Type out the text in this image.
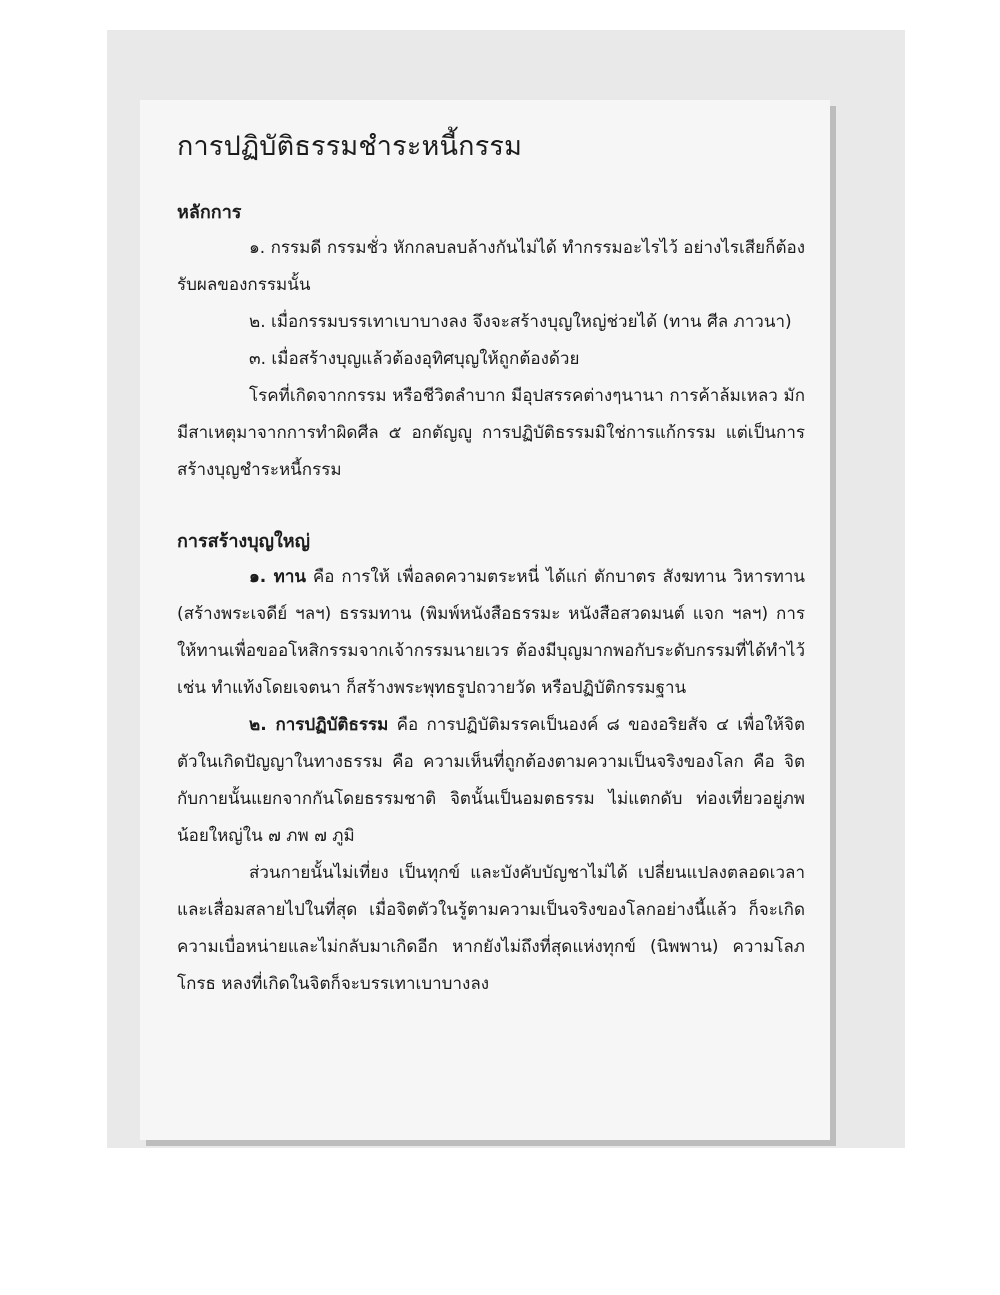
การปฏิบัติธรรมชำระหนี้กรรม
หลักการ

๑. กรรมดี กรรมชั่ว หักกลบลบล้างกันไม่ได้ ทำกรรมอะไรไว้ อย่างไรเสียก็ต้องรับผลของกรรมนั้น

๒. เมื่อกรรมบรรเทาเบาบางลง จึงจะสร้างบุญใหญ่ช่วยได้ (ทาน ศีล ภาวนา)

๓. เมื่อสร้างบุญแล้วต้องอุทิศบุญให้ถูกต้องด้วย

โรคที่เกิดจากกรรม หรือชีวิตลำบาก มีอุปสรรคต่างๆนานา การค้าล้มเหลว มักมีสาเหตุมาจากการทำผิดศีล ๕ อกตัญญู การปฏิบัติธรรมมิใช่การแก้กรรม แต่เป็นการสร้างบุญชำระหนี้กรรม

การสร้างบุญใหญ่

๑. ทาน คือ การให้ เพื่อลดความตระหนี่ ได้แก่ ตักบาตร สังฆทาน วิหารทาน (สร้างพระเจดีย์ ฯลฯ) ธรรมทาน (พิมพ์หนังสือธรรมะ หนังสือสวดมนต์ แจก ฯลฯ) การให้ทานเพื่อขออโหสิกรรมจากเจ้ากรรมนายเวร ต้องมีบุญมากพอกับระดับกรรมที่ได้ทำไว้ เช่น ทำแท้งโดยเจตนา ก็สร้างพระพุทธรูปถวายวัด หรือปฏิบัติกรรมฐาน

๒. การปฏิบัติธรรม คือ การปฏิบัติมรรคเป็นองค์ ๘ ของอริยสัจ ๔ เพื่อให้จิตตัวในเกิดปัญญาในทางธรรม คือ ความเห็นที่ถูกต้องตามความเป็นจริงของโลก คือ จิตกับกายนั้นแยกจากกันโดยธรรมชาติ จิตนั้นเป็นอมตธรรม ไม่แตกดับ ท่องเที่ยวอยู่ภพน้อยใหญ่ใน ๗ ภพ ๗ ภูมิ

ส่วนกายนั้นไม่เที่ยง เป็นทุกข์ และบังคับบัญชาไม่ได้ เปลี่ยนแปลงตลอดเวลา และเสื่อมสลายไปในที่สุด เมื่อจิตตัวในรู้ตามความเป็นจริงของโลกอย่างนี้แล้ว ก็จะเกิดความเบื่อหน่ายและไม่กลับมาเกิดอีก หากยังไม่ถึงที่สุดแห่งทุกข์ (นิพพาน) ความโลภ โกรธ หลงที่เกิดในจิตก็จะบรรเทาเบาบางลง
